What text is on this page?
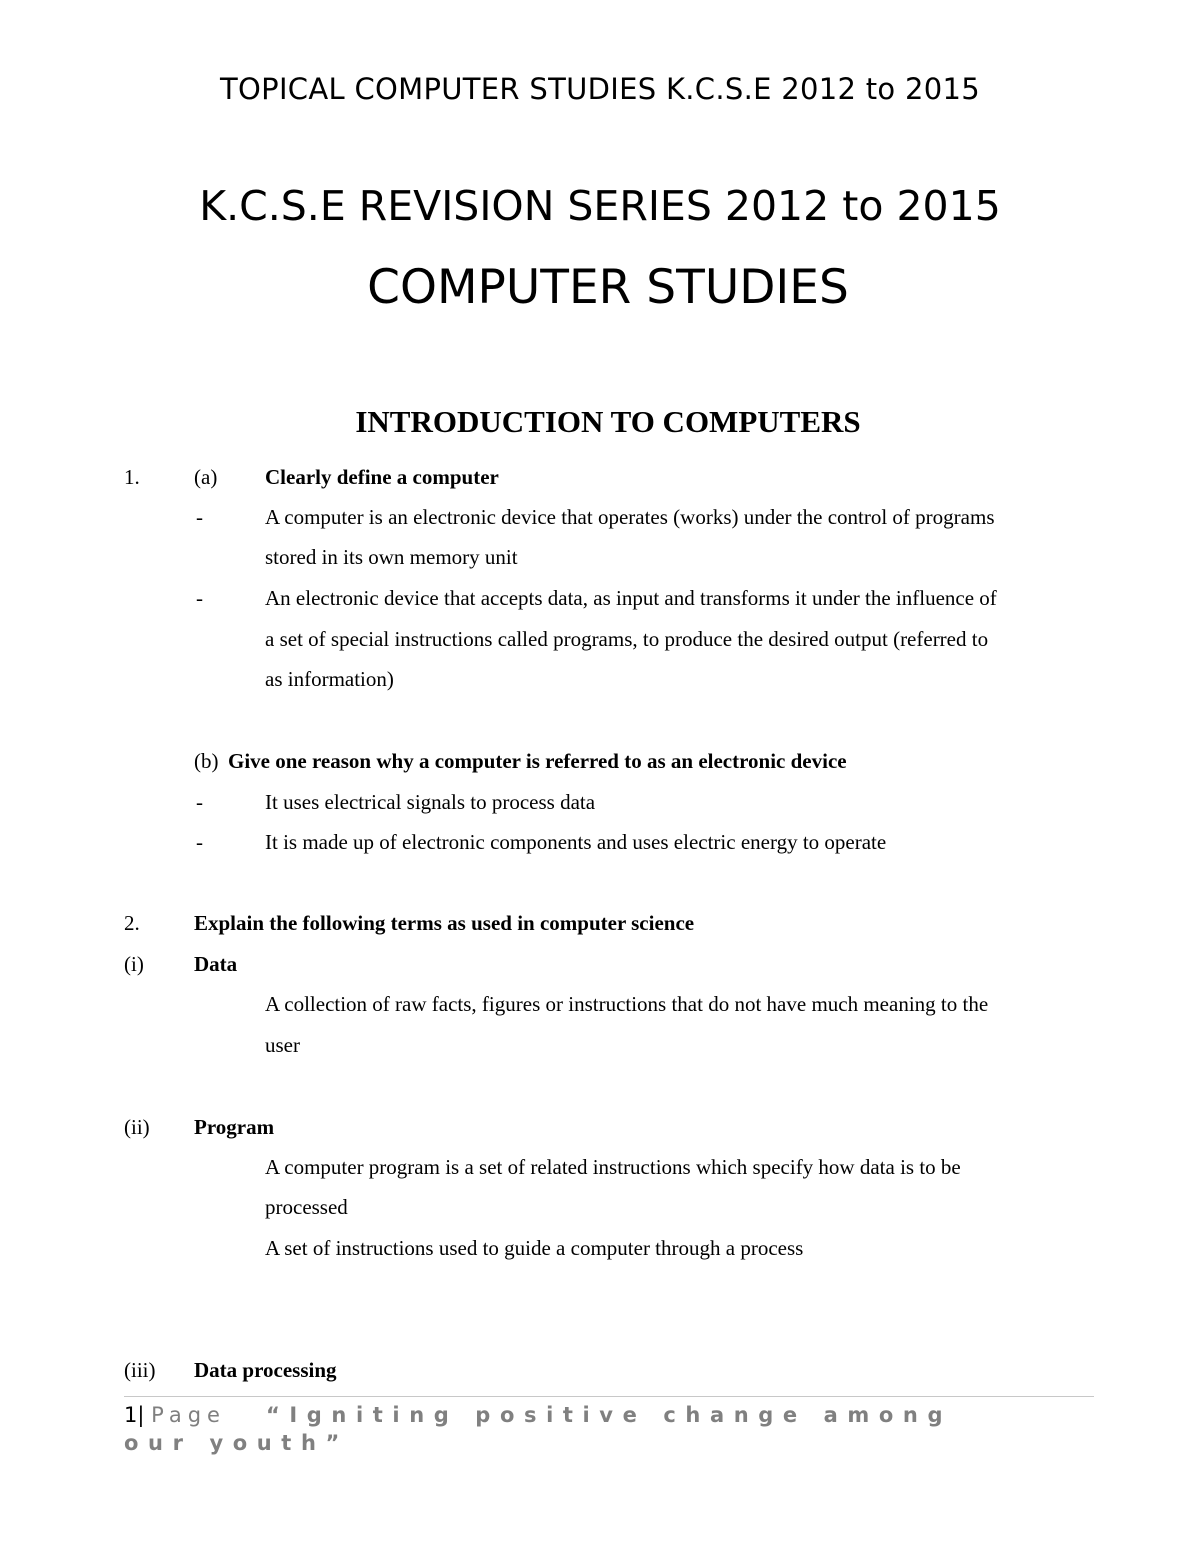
TOPICAL COMPUTER STUDIES K.C.S.E 2012 to 2015
K.C.S.E REVISION SERIES 2012 to 2015
COMPUTER STUDIES
INTRODUCTION TO COMPUTERS
1.	(a) Clearly define a computer
-	A computer is an electronic device that operates (works) under the control of programs
stored in its own memory unit
-	An electronic device that accepts data, as input and transforms it under the influence of
a set of special instructions called programs, to produce the desired output (referred to
as information)
(b) Give one reason why a computer is referred to as an electronic device
-	It uses electrical signals to process data
-	It is made up of electronic components and uses electric energy to operate
2.	Explain the following terms as used in computer science
(i) Data
A collection of raw facts, figures or instructions that do not have much meaning to the
user
(ii) Program
A computer program is a set of related instructions which specify how data is to be
processed
A set of instructions used to guide a computer through a process
(iii) Data processing
1| Page “Igniting positive change among our youth”
